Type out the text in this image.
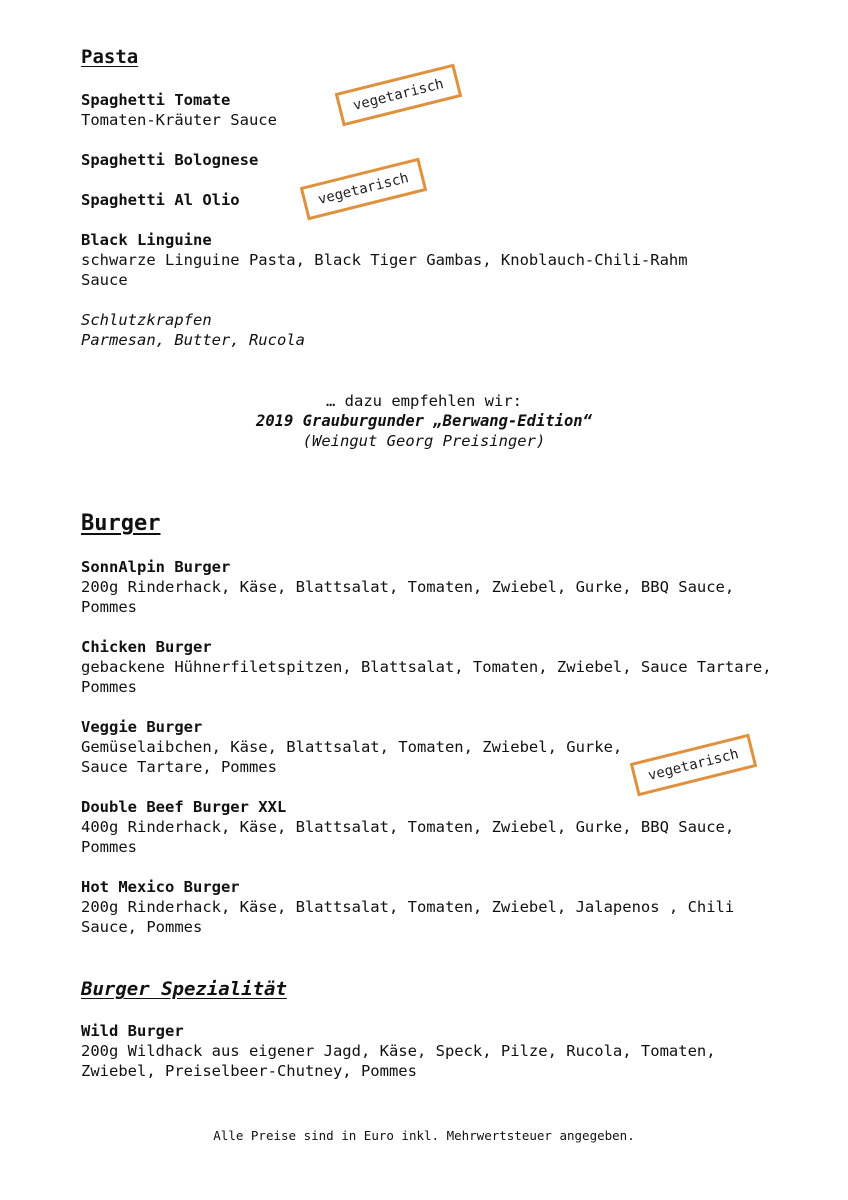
Pasta
Spaghetti Tomate
Tomaten-Kräuter Sauce
vegetarisch
Spaghetti Bolognese
Spaghetti Al Olio	vegetarisch
Black Linguine
schwarze Linguine Pasta, Black Tiger Gambas, Knoblauch-Chili-Rahm Sauce
Schlutzkrapfen
Parmesan, Butter, Rucola
… dazu empfehlen wir:
2019 Grauburgunder „Berwang-Edition“
(Weingut Georg Preisinger)
Burger
SonnAlpin Burger
200g Rinderhack, Käse, Blattsalat, Tomaten, Zwiebel, Gurke, BBQ Sauce, Pommes
Chicken Burger
gebackene Hühnerfiletspitzen, Blattsalat, Tomaten, Zwiebel, Sauce Tartare, Pommes
Veggie Burger
Gemüselaibchen, Käse, Blattsalat, Tomaten, Zwiebel, Gurke, Sauce Tartare, Pommes	vegetarisch
Double Beef Burger XXL
400g Rinderhack, Käse, Blattsalat, Tomaten, Zwiebel, Gurke, BBQ Sauce, Pommes
Hot Mexico Burger
200g Rinderhack, Käse, Blattsalat, Tomaten, Zwiebel, Jalapenos , Chili Sauce, Pommes
Burger Spezialität
Wild Burger
200g Wildhack aus eigener Jagd, Käse, Speck, Pilze, Rucola, Tomaten, Zwiebel, Preiselbeer-Chutney, Pommes
Alle Preise sind in Euro inkl. Mehrwertsteuer angegeben.
